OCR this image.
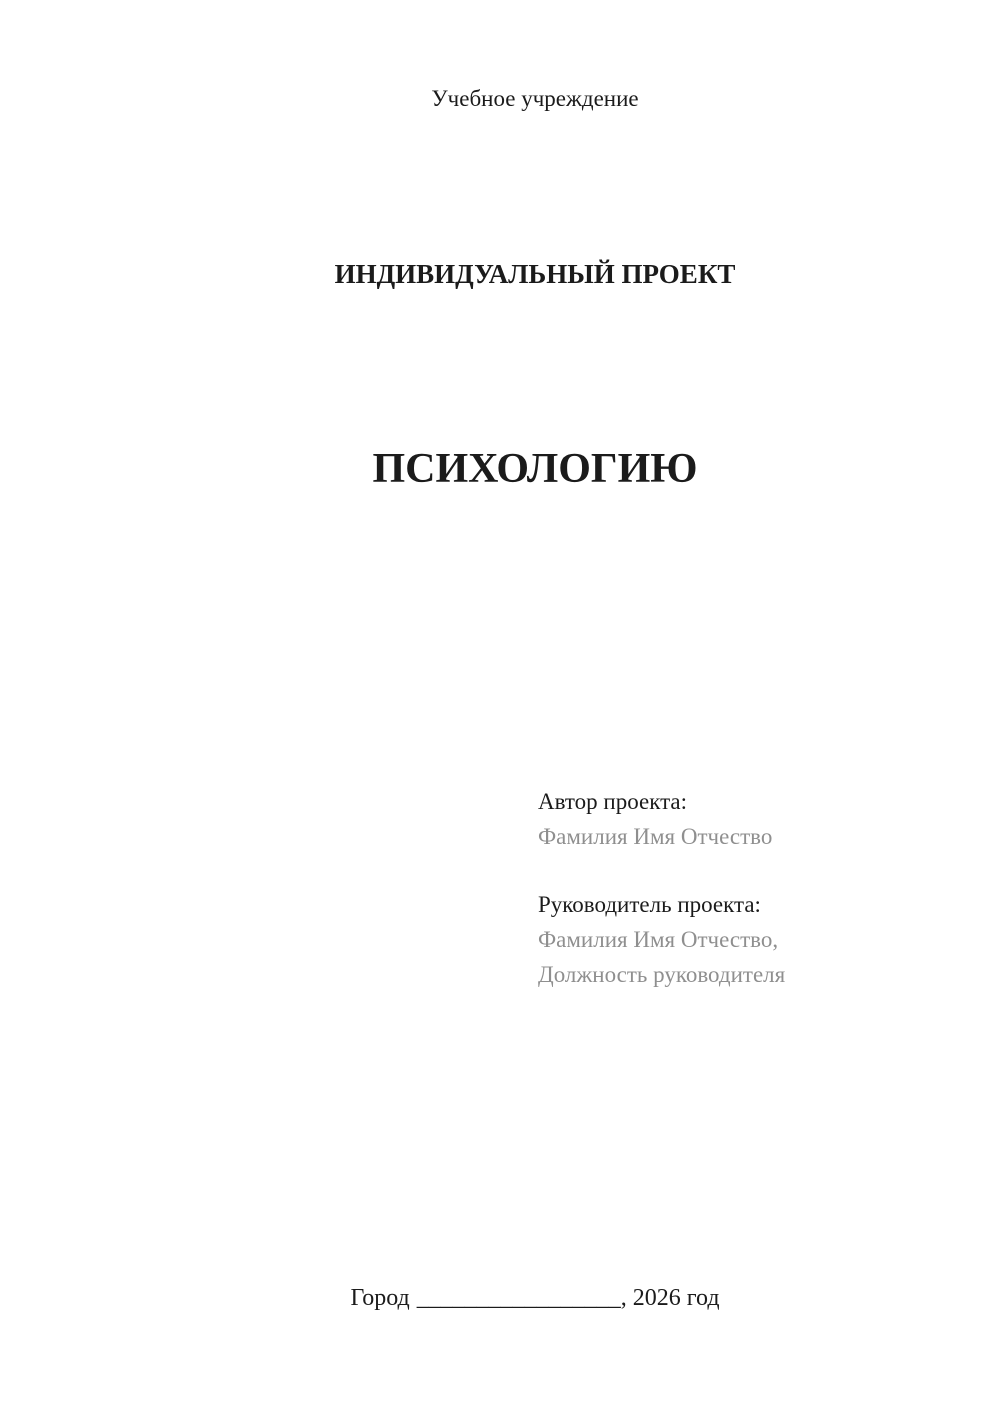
Учебное учреждение

ИНДИВИДУАЛЬНЫЙ ПРОЕКТ

ПСИХОЛОГИЮ

Автор проекта:

Фамилия Имя Отчество

Руководитель проекта:

Фамилия Имя Отчество,

Должность руководителя

Город _________________, 2026 год
